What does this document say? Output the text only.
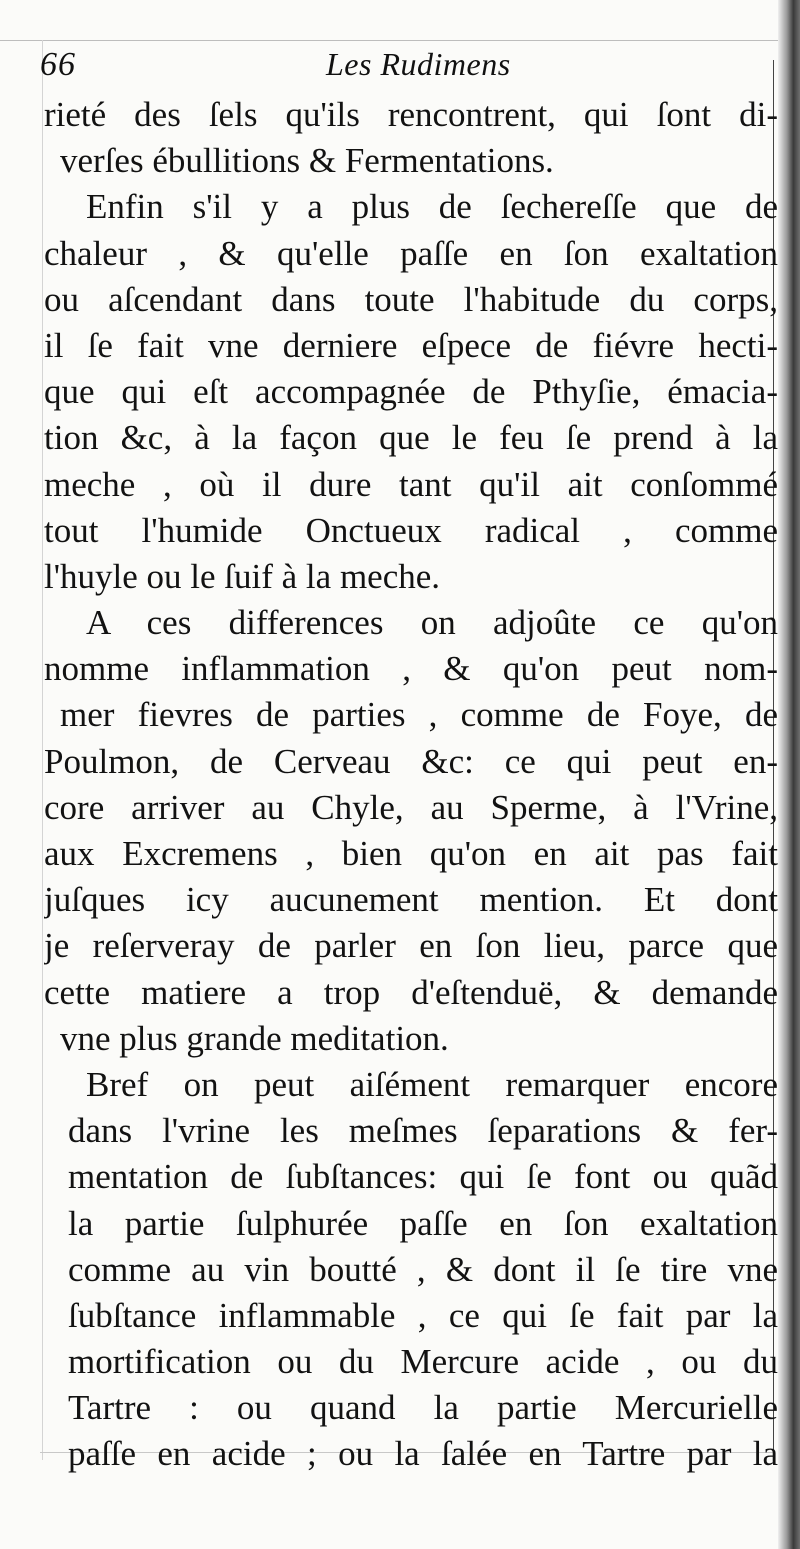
66	Les Rudimens
rieté des ſels qu'ils rencontrent, qui ſont di-
verſes ébullitions & Fermentations.
Enfin s'il y a plus de ſechereſſe que de
chaleur , & qu'elle paſſe en ſon exaltation
ou aſcendant dans toute l'habitude du corps,
il ſe fait vne derniere eſpece de fiévre hecti-
que qui eſt accompagnée de Pthyſie, émacia-
tion &c, à la façon que le feu ſe prend à la
meche , où il dure tant qu'il ait conſommé
tout l'humide Onctueux radical , comme
l'huyle ou le ſuif à la meche.
A ces differences on adjoûte ce qu'on
nomme inflammation , & qu'on peut nom-
mer fievres de parties , comme de Foye, de
Poulmon, de Cerveau &c: ce qui peut en-
core arriver au Chyle, au Sperme, à l'Vrine,
aux Excremens , bien qu'on en ait pas fait
juſques icy aucunement mention. Et dont
je reſerveray de parler en ſon lieu, parce que
cette matiere a trop d'eſtenduë, & demande
vne plus grande meditation.
Bref on peut aiſément remarquer encore
dans l'vrine les meſmes ſeparations & fer-
mentation de ſubſtances: qui ſe font ou quãd
la partie ſulphurée paſſe en ſon exaltation
comme au vin boutté , & dont il ſe tire vne
ſubſtance inflammable , ce qui ſe fait par la
mortification ou du Mercure acide , ou du
Tartre : ou quand la partie Mercurielle
paſſe en acide ; ou la ſalée en Tartre par la
